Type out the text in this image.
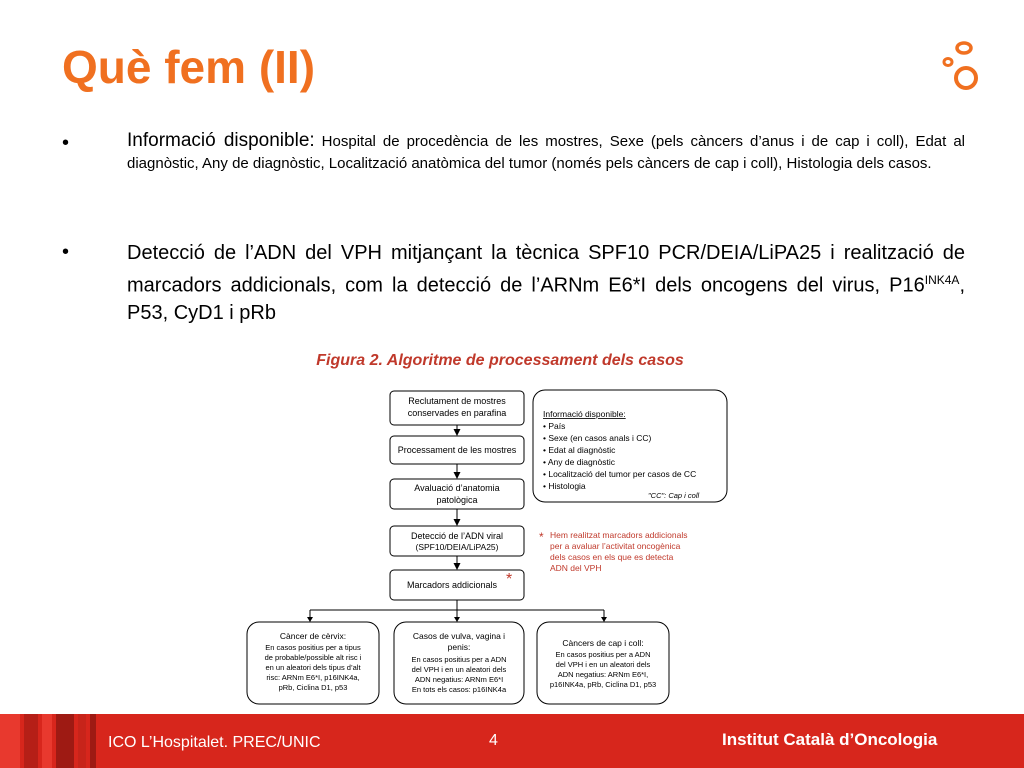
Què fem (II)
•	Informació disponible: Hospital de procedència de les mostres, Sexe (pels càncers d’anus i de cap i coll), Edat al diagnòstic, Any de diagnòstic, Localització anatòmica del tumor (només pels càncers de cap i coll), Histologia dels casos.
•	Detecció de l’ADN del VPH mitjançant la tècnica SPF10 PCR/DEIA/LiPA25 i realització de marcadors addicionals, com la detecció de l’ARNm E6*I dels oncogens del virus, $P16^{INK4A}$, P53, CyD1 i pRb
Figura 2. Algoritme de processament dels casos
Reclutament de mostres
conservades en parafina
Processament de les mostres
Avaluació d’anatomia
patològica
Detecció de l’ADN viral
(SPF10/DEIA/LiPA25)
Marcadors addicionals *
Informació disponible:
• País
• Sexe (en casos anals i CC)
• Edat al diagnòstic
• Any de diagnòstic
• Localització del tumor per casos de CC
• Histologia
"CC": Cap i coll
* Hem realitzat marcadors addicionals
per a avaluar l’activitat oncogènica
dels casos en els que es detecta
ADN del VPH
Càncer de cèrvix:
En casos positius per a tipus
de probable/possible alt risc i
en un aleatori dels tipus d’alt
risc: ARNm E6*I, p16INK4a,
pRb, Ciclina D1, p53
Casos de vulva, vagina i
penis:
En casos positius per a ADN
del VPH i en un aleatori dels
ADN negatius: ARNm E6*I
En tots els casos: p16INK4a
Càncers de cap i coll:
En casos positius per a ADN
del VPH i en un aleatori dels
ADN negatius: ARNm E6*I,
p16INK4a, pRb, Ciclina D1, p53
ICO L’Hospitalet. PREC/UNIC	4	Institut Català d’Oncologia
